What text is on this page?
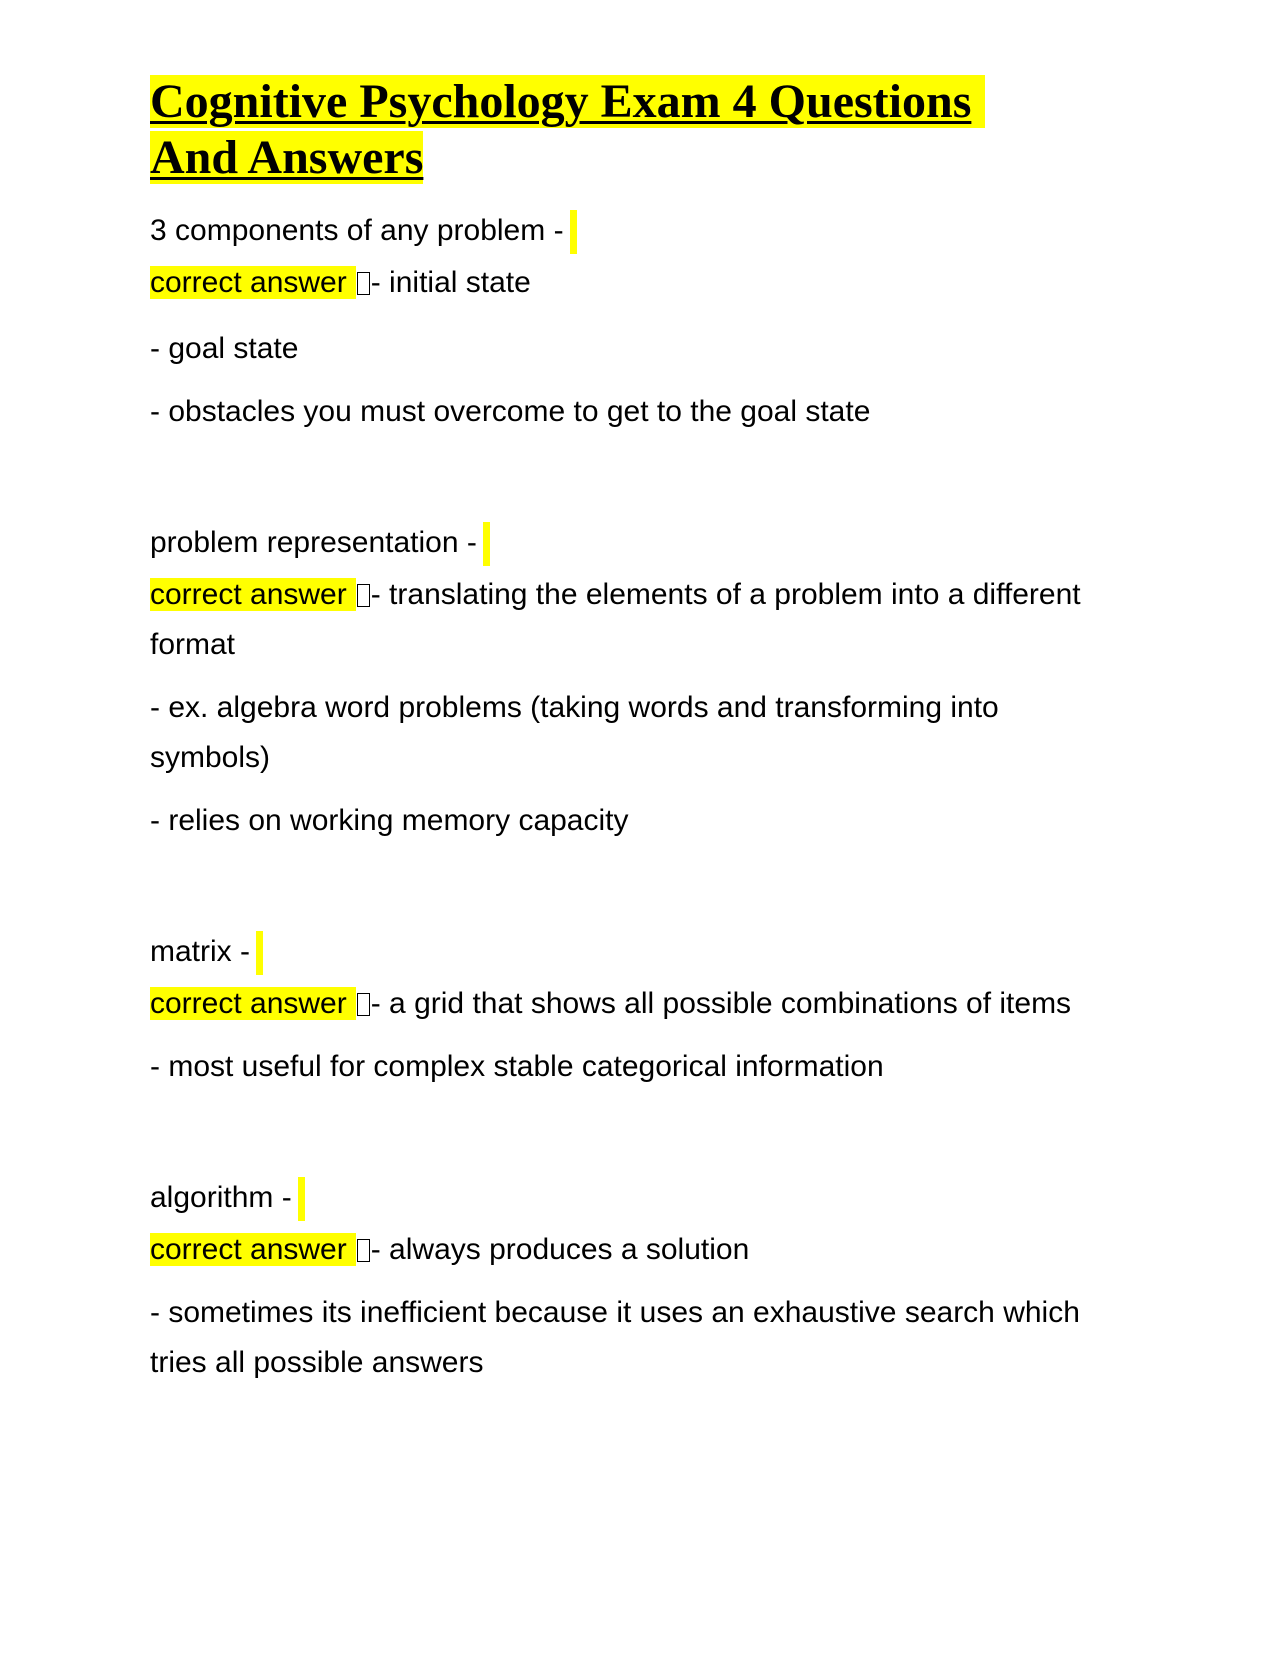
Cognitive Psychology Exam 4 Questions
And Answers

3 components of any problem -

correct answer - initial state

- goal state

- obstacles you must overcome to get to the goal state

problem representation -

correct answer - translating the elements of a problem into a different format

- ex. algebra word problems (taking words and transforming into symbols)

- relies on working memory capacity

matrix -

correct answer - a grid that shows all possible combinations of items

- most useful for complex stable categorical information

algorithm -

correct answer - always produces a solution

- sometimes its inefficient because it uses an exhaustive search which tries all possible answers
